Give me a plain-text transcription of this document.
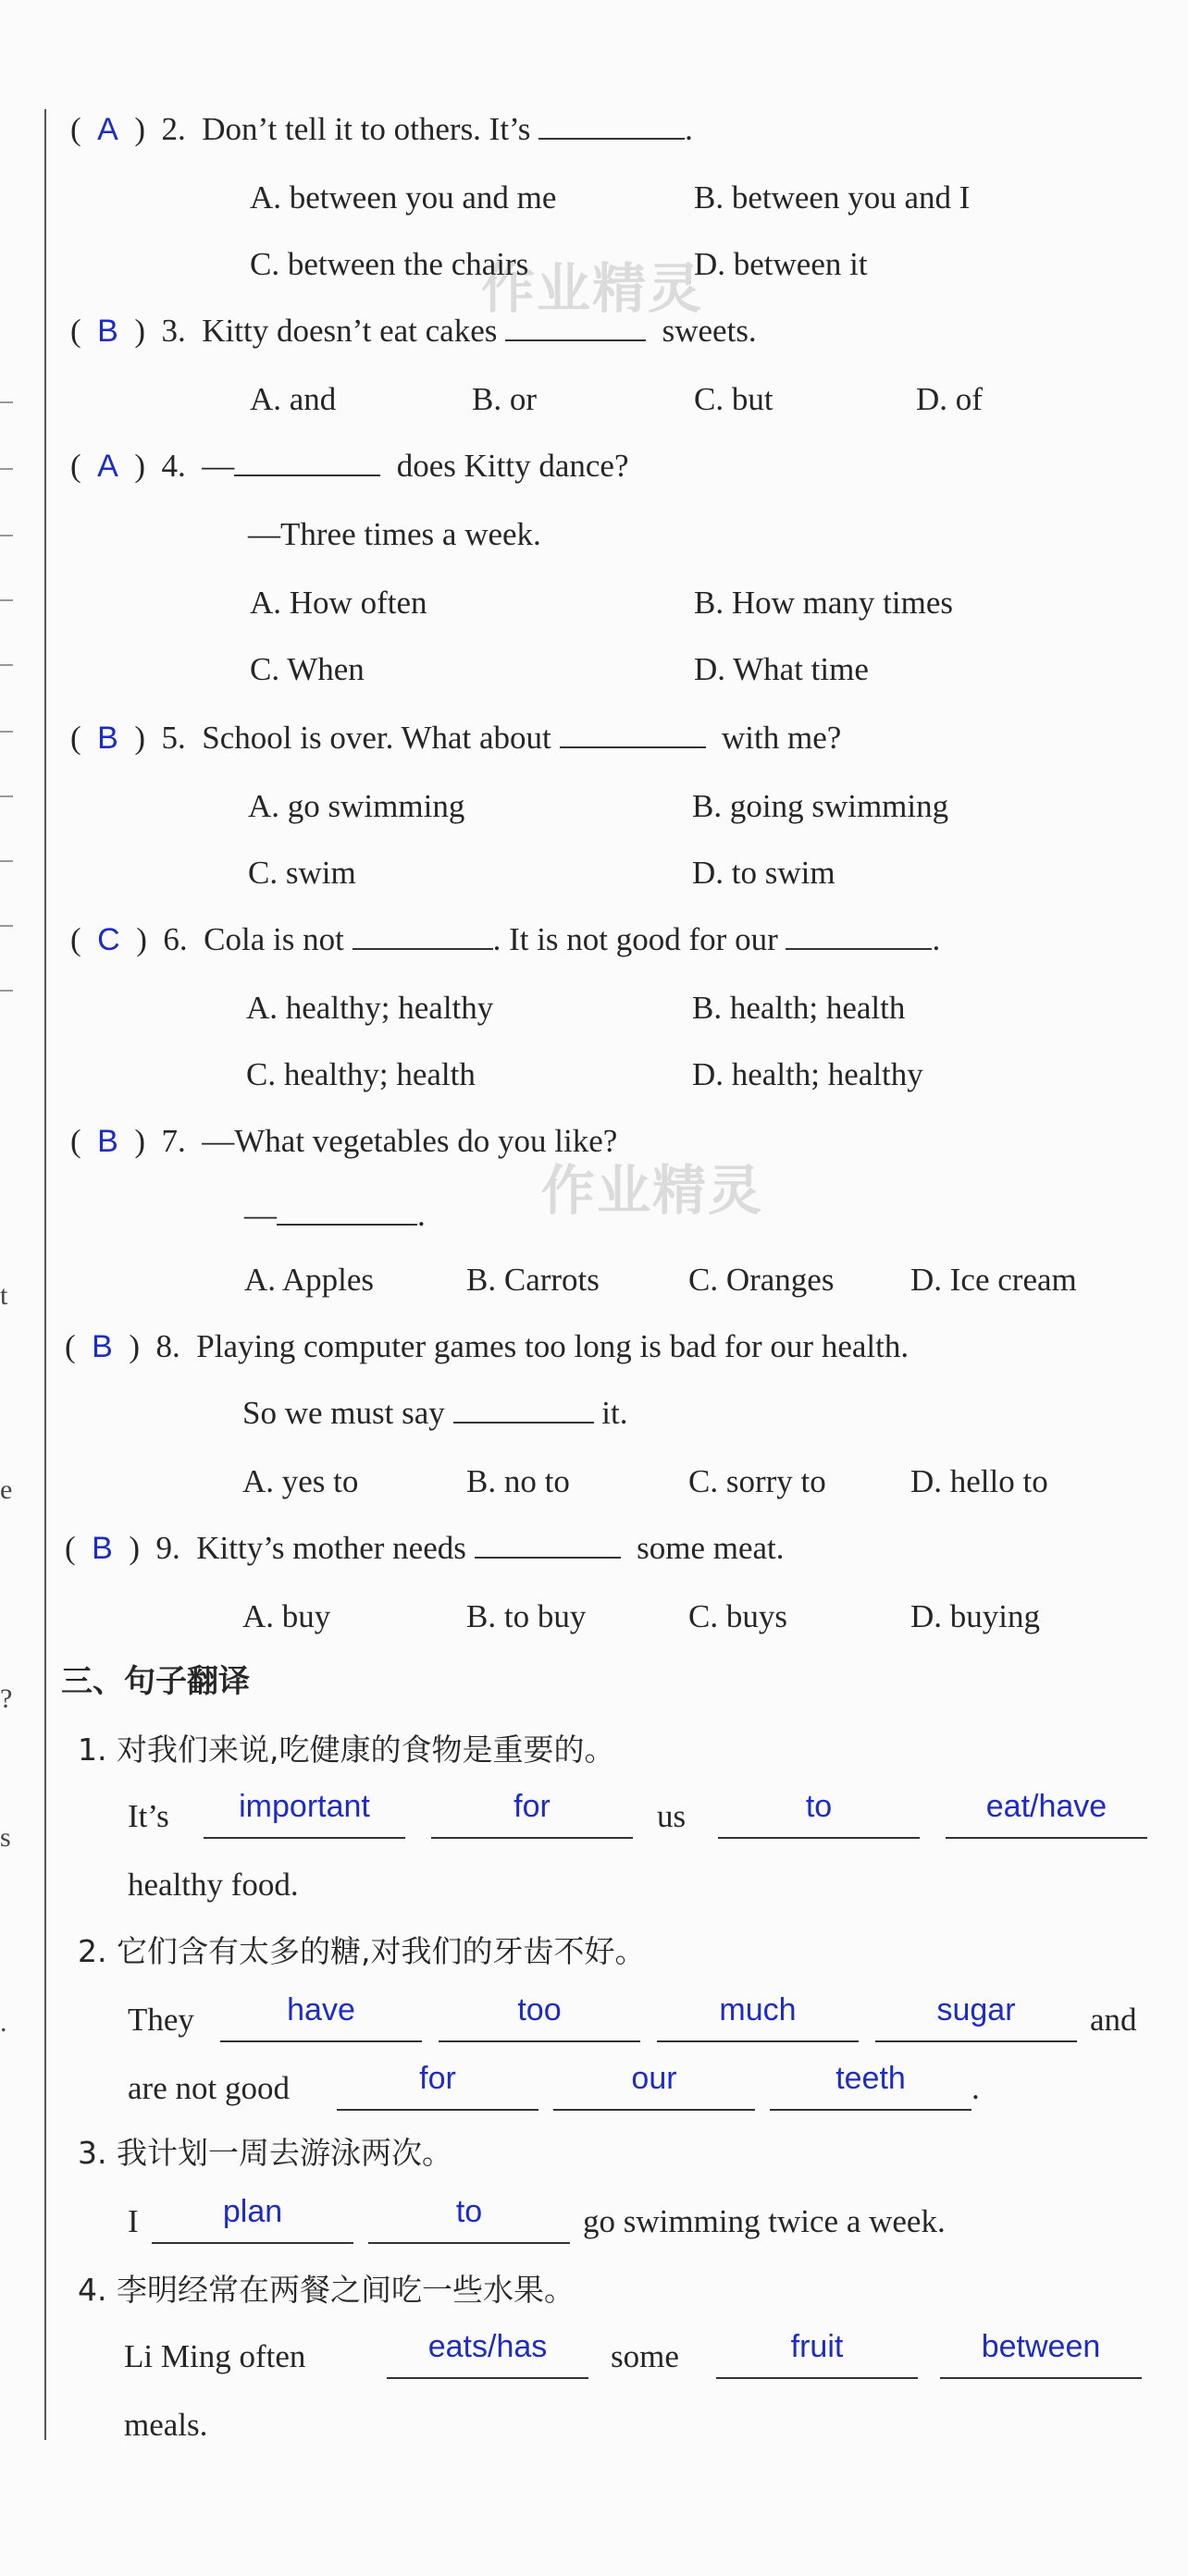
t
e
?
s
.
作业精灵
作业精灵
(  A  )  2. Don’t tell it to others. It’s	.
A. between you and me	B. between you and I
C. between the chairs	D. between it
(  B  )  3. Kitty doesn’t eat cakes	sweets.
A. and	B. or	C. but	D. of
(  A  )  4. —	does Kitty dance?
—Three times a week.
A. How often	B. How many times
C. When	D. What time
(  B  )  5. School is over. What about	with me?
A. go swimming	B. going swimming
C. swim	D. to swim
(  C  )  6. Cola is not	. It is not good for our	.
A. healthy; healthy	B. health; health
C. healthy; health	D. health; healthy
(  B  )  7. —What vegetables do you like?
—	.
A. Apples	B. Carrots	C. Oranges D. Ice cream
(  B  )  8. Playing computer games too long is bad for our health.
So we must say	it.
A. yes to	B. no to	C. sorry to	D. hello to
(  B  )  9. Kitty’s mother needs	some meat.
A. buy	B. to buy	C. buys	D. buying
三、句子翻译
1. 对我们来说,吃健康的食物是重要的。
It’s	important	for	us	to	eat/have
healthy food.
2. 它们含有太多的糖,对我们的牙齿不好。
They	have	too	much	sugar	and
are not good	for	our	teeth	.
3. 我计划一周去游泳两次。
I	plan	to	go swimming twice a week.
4. 李明经常在两餐之间吃一些水果。
Li Ming often	eats/has	some	fruit	between
meals.
